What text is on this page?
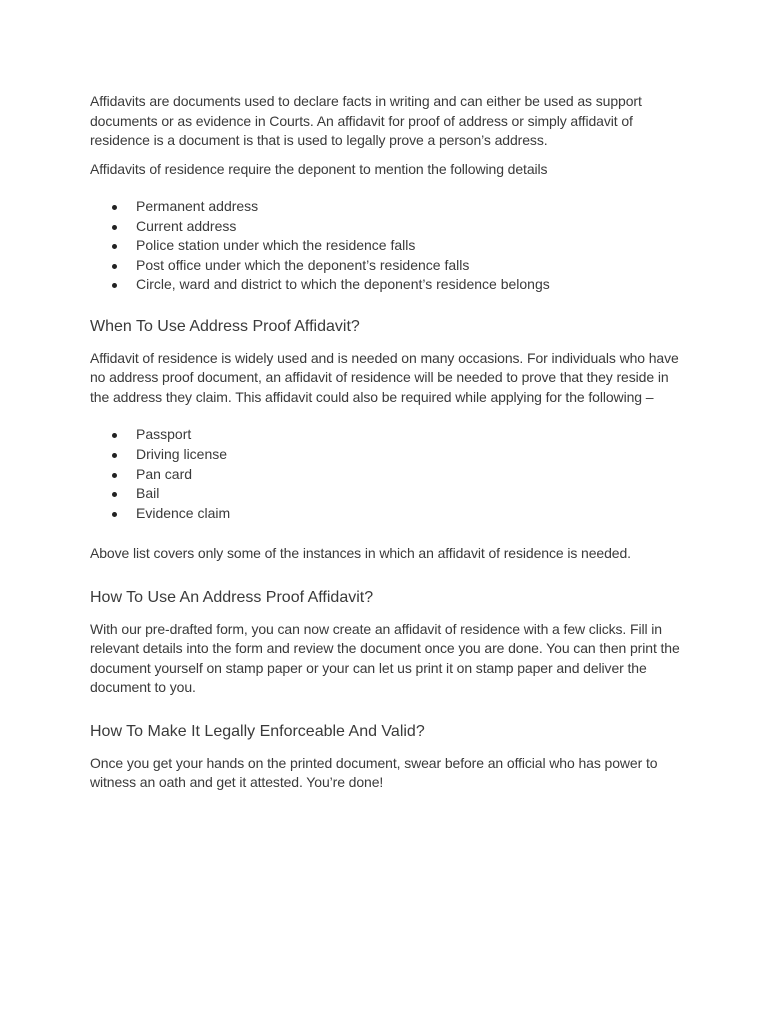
Affidavits are documents used to declare facts in writing and can either be used as support documents or as evidence in Courts. An affidavit for proof of address or simply affidavit of residence is a document is that is used to legally prove a person’s address.

Affidavits of residence require the deponent to mention the following details

Permanent address
Current address
Police station under which the residence falls
Post office under which the deponent’s residence falls
Circle, ward and district to which the deponent’s residence belongs
When To Use Address Proof Affidavit?

Affidavit of residence is widely used and is needed on many occasions. For individuals who have no address proof document, an affidavit of residence will be needed to prove that they reside in the address they claim. This affidavit could also be required while applying for the following –

Passport
Driving license
Pan card
Bail
Evidence claim

Above list covers only some of the instances in which an affidavit of residence is needed.

How To Use An Address Proof Affidavit?

With our pre-drafted form, you can now create an affidavit of residence with a few clicks. Fill in relevant details into the form and review the document once you are done. You can then print the document yourself on stamp paper or your can let us print it on stamp paper and deliver the document to you.

How To Make It Legally Enforceable And Valid?

Once you get your hands on the printed document, swear before an official who has power to witness an oath and get it attested. You’re done!
